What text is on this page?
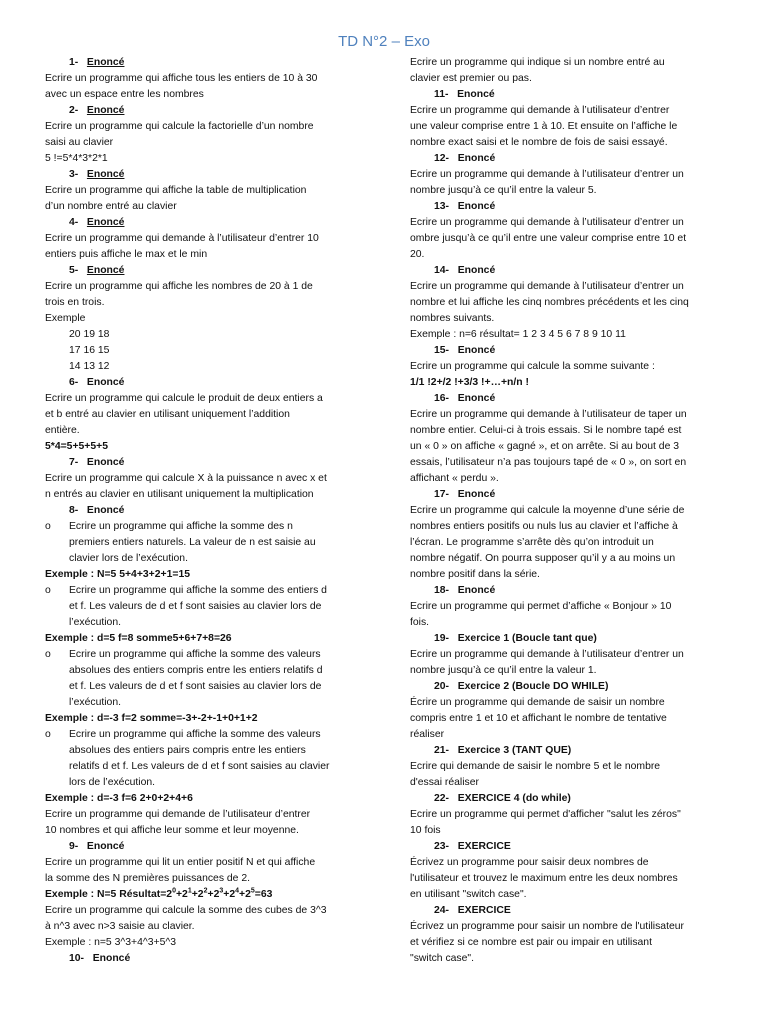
TD N°2 – Exo
1- Enoncé
Ecrire un programme qui affiche tous les entiers de 10 à 30
avec un espace entre les nombres
2- Enoncé
Ecrire un programme qui calcule la factorielle d’un nombre
saisi au clavier
5 !=5*4*3*2*1
3- Enoncé
Ecrire un programme qui affiche la table de multiplication
d’un nombre entré au clavier
4- Enoncé
Ecrire un programme qui demande à l’utilisateur d’entrer 10
entiers puis affiche le max et le min
5- Enoncé
Ecrire un programme qui affiche les nombres de 20 à 1 de
trois en trois.
Exemple
20 19 18
17 16 15
14 13 12
6- Enoncé
Ecrire un programme qui calcule le produit de deux entiers a
et b entré au clavier en utilisant uniquement l’addition
entière.
5*4=5+5+5+5
7- Enoncé
Ecrire un programme qui calcule X à la puissance n avec x et
n entrés au clavier en utilisant uniquement la multiplication
8- Enoncé
o Ecrire un programme qui affiche la somme des n
premiers entiers naturels. La valeur de n est saisie au
clavier lors de l’exécution.
Exemple : N=5 5+4+3+2+1=15
o Ecrire un programme qui affiche la somme des entiers d
et f. Les valeurs de d et f sont saisies au clavier lors de
l’exécution.
Exemple : d=5 f=8 somme5+6+7+8=26
o Ecrire un programme qui affiche la somme des valeurs
absolues des entiers compris entre les entiers relatifs d
et f. Les valeurs de d et f sont saisies au clavier lors de
l’exécution.
Exemple : d=-3 f=2 somme=-3+-2+-1+0+1+2
o Ecrire un programme qui affiche la somme des valeurs
absolues des entiers pairs compris entre les entiers
relatifs d et f. Les valeurs de d et f sont saisies au clavier
lors de l’exécution.
Exemple : d=-3 f=6 2+0+2+4+6
Ecrire un programme qui demande de l’utilisateur d’entrer
10 nombres et qui affiche leur somme et leur moyenne.
9- Enoncé
Ecrire un programme qui lit un entier positif N et qui affiche
la somme des N premières puissances de 2.
Exemple : N=5 $Résultat=2^0+2^1+2^2+2^3+2^4+2^5=63$
Ecrire un programme qui calcule la somme des cubes de 3^3
à n^3 avec n>3 saisie au clavier.
Exemple : n=5 3^3+4^3+5^3
10- Enoncé
Ecrire un programme qui indique si un nombre entré au
clavier est premier ou pas.
11- Enoncé
Ecrire un programme qui demande à l’utilisateur d’entrer
une valeur comprise entre 1 à 10. Et ensuite on l’affiche le
nombre exact saisi et le nombre de fois de saisi essayé.
12- Enoncé
Ecrire un programme qui demande à l’utilisateur d’entrer un
nombre jusqu’à ce qu’il entre la valeur 5.
13- Enoncé
Ecrire un programme qui demande à l’utilisateur d’entrer un
ombre jusqu’à ce qu’il entre une valeur comprise entre 10 et
20.
14- Enoncé
Ecrire un programme qui demande à l’utilisateur d’entrer un
nombre et lui affiche les cinq nombres précédents et les cinq
nombres suivants.
Exemple : n=6 résultat= 1 2 3 4 5 6 7 8 9 10 11
15- Enoncé
Ecrire un programme qui calcule la somme suivante :
1/1 !2+/2 !+3/3 !+…+n/n !
16- Enoncé
Ecrire un programme qui demande à l’utilisateur de taper un
nombre entier. Celui-ci à trois essais. Si le nombre tapé est
un « 0 » on affiche « gagné », et on arrête. Si au bout de 3
essais, l’utilisateur n’a pas toujours tapé de « 0 », on sort en
affichant « perdu ».
17- Enoncé
Ecrire un programme qui calcule la moyenne d’une série de
nombres entiers positifs ou nuls lus au clavier et l’affiche à
l’écran. Le programme s’arrête dès qu’on introduit un
nombre négatif. On pourra supposer qu’il y a au moins un
nombre positif dans la série.
18- Enoncé
Ecrire un programme qui permet d’affiche « Bonjour » 10
fois.
19- Exercice 1 (Boucle tant que)
Ecrire un programme qui demande à l’utilisateur d’entrer un
nombre jusqu’à ce qu’il entre la valeur 1.
20- Exercice 2 (Boucle DO WHILE)
Écrire un programme qui demande de saisir un nombre
compris entre 1 et 10 et affichant le nombre de tentative
réaliser
21- Exercice 3 (TANT QUE)
Ecrire qui demande de saisir le nombre 5 et le nombre
d'essai réaliser
22- EXERCICE 4 (do while)
Ecrire un programme qui permet d'afficher "salut les zéros"
10 fois
23- EXERCICE
Écrivez un programme pour saisir deux nombres de
l'utilisateur et trouvez le maximum entre les deux nombres
en utilisant "switch case".
24- EXERCICE
Écrivez un programme pour saisir un nombre de l'utilisateur
et vérifiez si ce nombre est pair ou impair en utilisant
"switch case".
